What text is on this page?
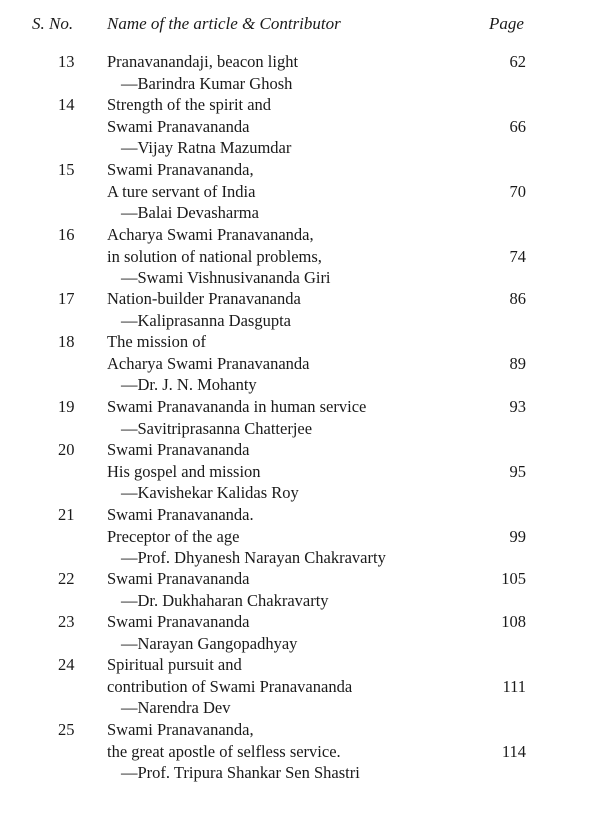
S. No. Name of the article & Contributor	Page
13 Pranavanandaji, beacon light
—Barindra Kumar Ghosh
62
14 Strength of the spirit and
Swami Pranavananda
—Vijay Ratna Mazumdar
66
15 Swami Pranavananda,
A ture servant of India
—Balai Devasharma
70
16 Acharya Swami Pranavananda,
in solution of national problems,
—Swami Vishnusivananda Giri
74
17 Nation-builder Pranavananda
—Kaliprasanna Dasgupta
86
18 The mission of
Acharya Swami Pranavananda
—Dr. J. N. Mohanty
89
19 Swami Pranavananda in human service
—Savitriprasanna Chatterjee
93
20 Swami Pranavananda
His gospel and mission
—Kavishekar Kalidas Roy
95
21 Swami Pranavananda.
Preceptor of the age
—Prof. Dhyanesh Narayan Chakravarty
99
22 Swami Pranavananda
—Dr. Dukhaharan Chakravarty
105
23 Swami Pranavananda
—Narayan Gangopadhyay
108
24 Spiritual pursuit and
contribution of Swami Pranavananda
—Narendra Dev
111
25 Swami Pranavananda,
the great apostle of selfless service.
—Prof. Tripura Shankar Sen Shastri
114
